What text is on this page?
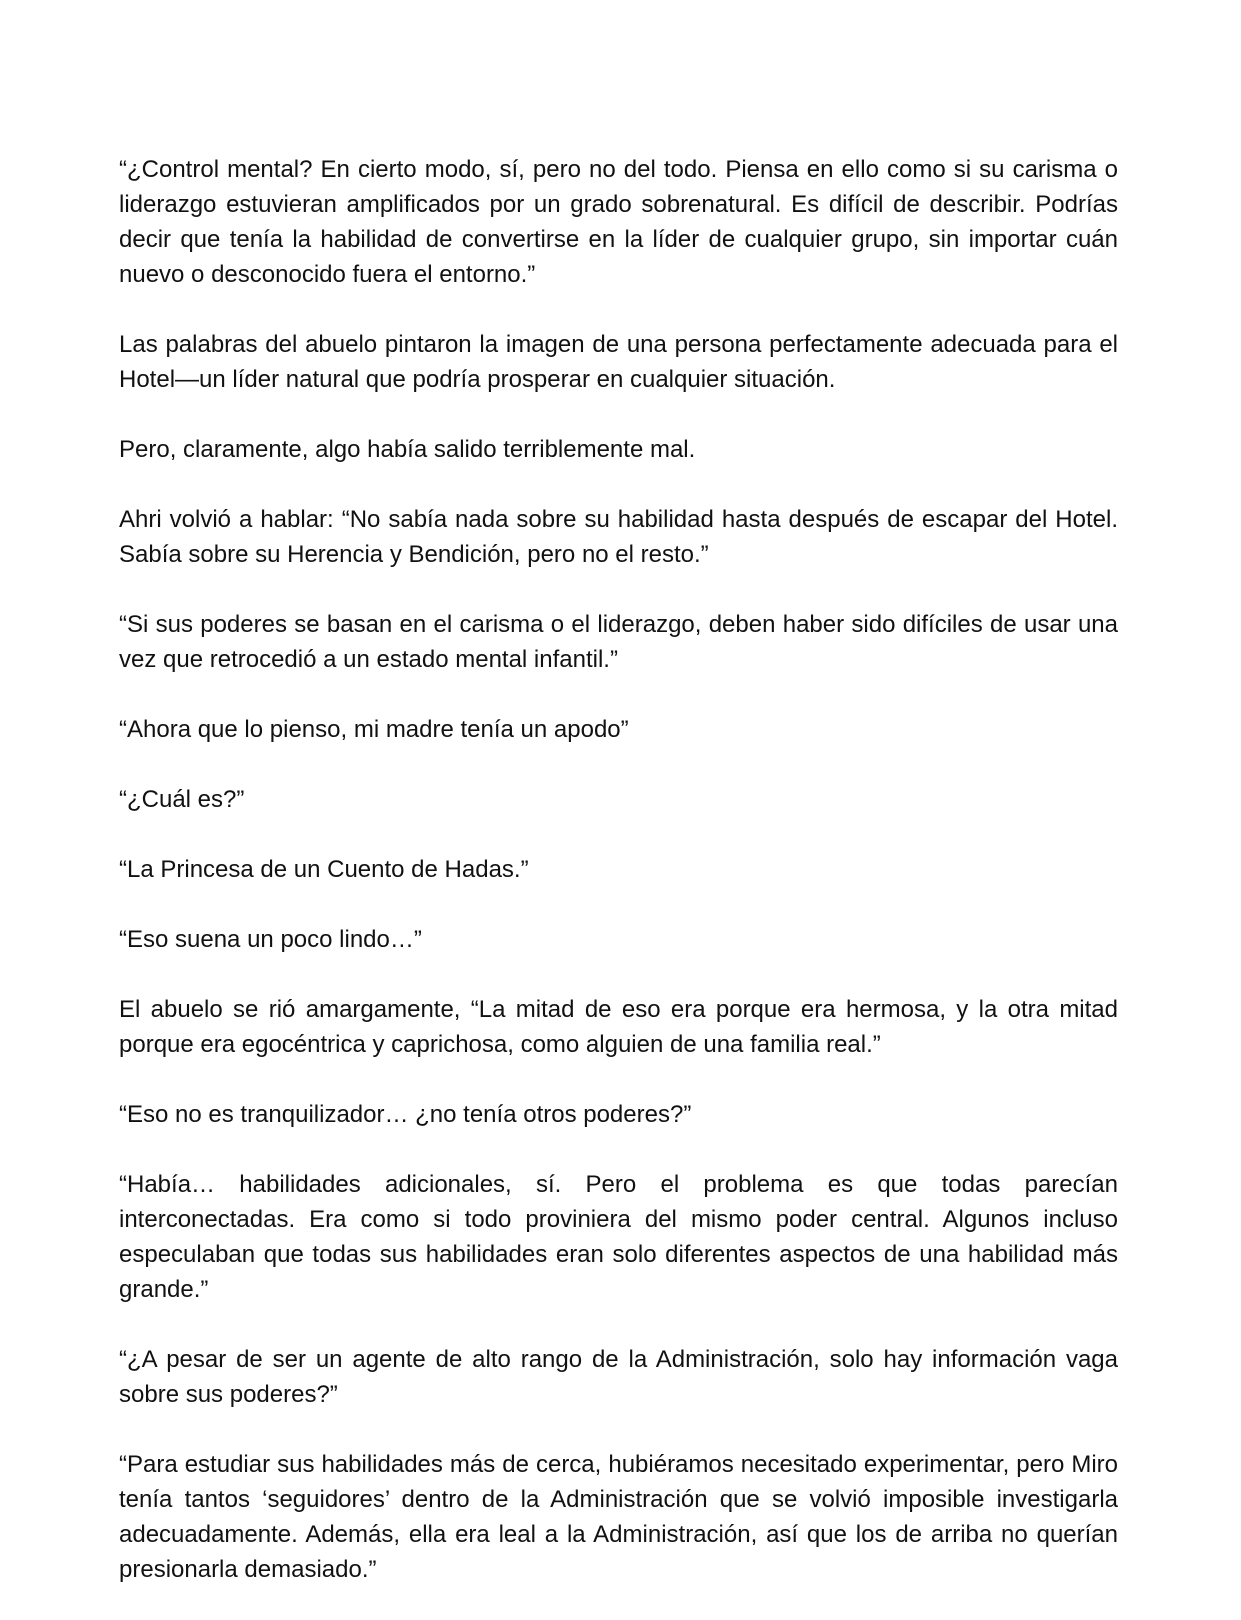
“¿Control mental? En cierto modo, sí, pero no del todo. Piensa en ello como si su carisma o liderazgo estuvieran amplificados por un grado sobrenatural. Es difícil de describir. Podrías decir que tenía la habilidad de convertirse en la líder de cualquier grupo, sin importar cuán nuevo o desconocido fuera el entorno.”

Las palabras del abuelo pintaron la imagen de una persona perfectamente adecuada para el Hotel—un líder natural que podría prosperar en cualquier situación.

Pero, claramente, algo había salido terriblemente mal.

Ahri volvió a hablar: “No sabía nada sobre su habilidad hasta después de escapar del Hotel. Sabía sobre su Herencia y Bendición, pero no el resto.”

“Si sus poderes se basan en el carisma o el liderazgo, deben haber sido difíciles de usar una vez que retrocedió a un estado mental infantil.”

“Ahora que lo pienso, mi madre tenía un apodo”

“¿Cuál es?”

“La Princesa de un Cuento de Hadas.”

“Eso suena un poco lindo…”

El abuelo se rió amargamente, “La mitad de eso era porque era hermosa, y la otra mitad porque era egocéntrica y caprichosa, como alguien de una familia real.”

“Eso no es tranquilizador… ¿no tenía otros poderes?”

“Había… habilidades adicionales, sí. Pero el problema es que todas parecían interconectadas. Era como si todo proviniera del mismo poder central. Algunos incluso especulaban que todas sus habilidades eran solo diferentes aspectos de una habilidad más grande.”

“¿A pesar de ser un agente de alto rango de la Administración, solo hay información vaga sobre sus poderes?”

“Para estudiar sus habilidades más de cerca, hubiéramos necesitado experimentar, pero Miro tenía tantos ‘seguidores’ dentro de la Administración que se volvió imposible investigarla adecuadamente. Además, ella era leal a la Administración, así que los de arriba no querían presionarla demasiado.”
